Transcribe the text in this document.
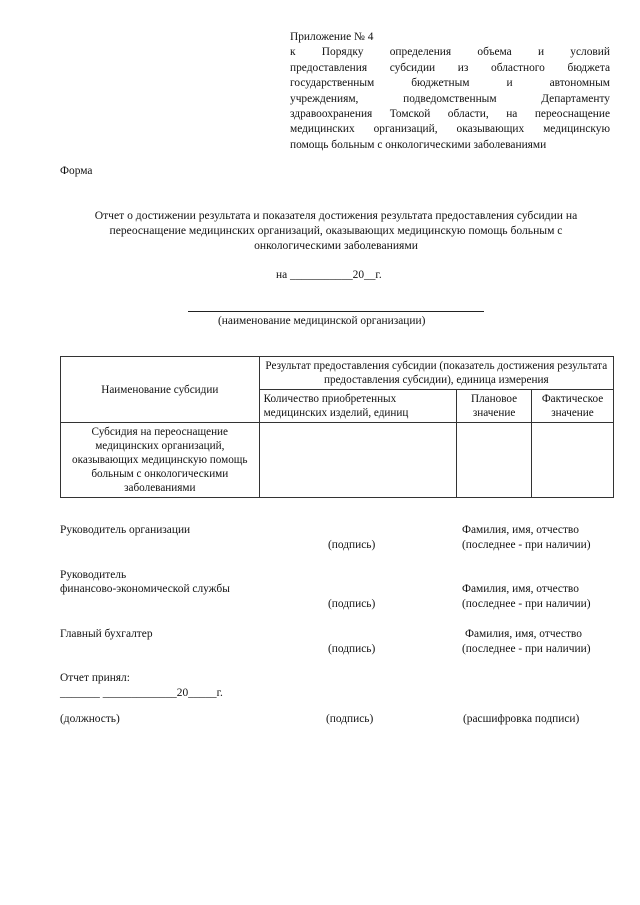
Приложение № 4
к Порядку определения объема и условий
предоставления субсидии из областного бюджета
государственным бюджетным и автономным
учреждениям, подведомственным Департаменту
здравоохранения Томской области, на переоснащение
медицинских организаций, оказывающих медицинскую
помощь больным с онкологическими заболеваниями
Форма
Отчет о достижении результата и показателя достижения результата предоставления субсидии на
переоснащение медицинских организаций, оказывающих медицинскую помощь больным с
онкологическими заболеваниями
на ___________20__г.
(наименование медицинской организации)
Наименование субсидии	Результат предоставления субсидии (показатель достижения результата предоставления субсидии), единица измерения		
	Количество приобретенных медицинских изделий, единиц	Плановое значение	Фактическое значение
Субсидия на переоснащение медицинских организаций, оказывающих медицинскую помощь больным с онкологическими заболеваниями			
Руководитель организации
(подпись)
Фамилия, имя, отчество
(последнее - при наличии)
Руководитель
финансово-экономической службы
(подпись)
Фамилия, имя, отчество
(последнее - при наличии)
Главный бухгалтер
(подпись)
Фамилия, имя, отчество
(последнее - при наличии)
Отчет принял:
_______ _____________20_____г.
(должность)	(подпись)	(расшифровка подписи)
